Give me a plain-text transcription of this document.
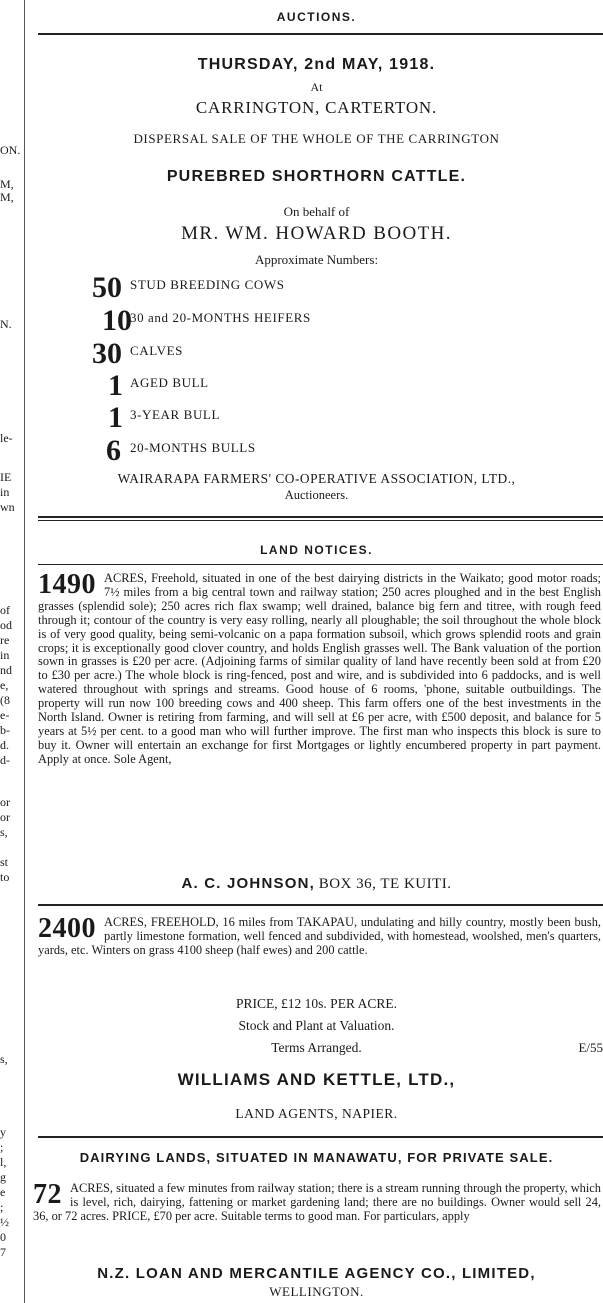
ON.
M,
M,
N.
le-
IE
in
wn
of
od
re
in
nd
e,
(8
e-
b-
d.
d-
or
or
s,
st
to
s,
y
;
l,
g
e
;
½
0
7
AUCTIONS.
THURSDAY, 2nd MAY, 1918.
At
CARRINGTON, CARTERTON.
DISPERSAL SALE OF THE WHOLE OF THE CARRINGTON
PUREBRED SHORTHORN CATTLE.
On behalf of
MR. WM. HOWARD BOOTH.
Approximate Numbers:
50 STUD BREEDING COWS
10
30 and 20-MONTHS HEIFERS
30 CALVES
1 AGED BULL
1 3-YEAR BULL
6 20-MONTHS BULLS
WAIRARAPA FARMERS' CO-OPERATIVE ASSOCIATION, LTD.,
Auctioneers.
LAND NOTICES.
1490 ACRES, Freehold, situated in one of the best dairying districts in the Waikato; good motor roads; 7½ miles from a big central town and railway station; 250 acres ploughed and in the best English grasses (splendid sole); 250 acres rich flax swamp; well drained, balance big fern and titree, with rough feed through it; contour of the country is very easy rolling, nearly all ploughable; the soil throughout the whole block is of very good quality, being semi-volcanic on a papa formation subsoil, which grows splendid roots and grain crops; it is exceptionally good clover country, and holds English grasses well. The Bank valuation of the portion sown in grasses is £20 per acre. (Adjoining farms of similar quality of land have recently been sold at from £20 to £30 per acre.) The whole block is ring-fenced, post and wire, and is subdivided into 6 paddocks, and is well watered throughout with springs and streams. Good house of 6 rooms, 'phone, suitable outbuildings. The property will run now 100 breeding cows and 400 sheep. This farm offers one of the best investments in the North Island. Owner is retiring from farming, and will sell at £6 per acre, with £500 deposit, and balance for 5 years at 5½ per cent. to a good man who will further improve. The first man who inspects this block is sure to buy it. Owner will entertain an exchange for first Mortgages or lightly encumbered property in part payment. Apply at once. Sole Agent,
A. C. JOHNSON, BOX 36, TE KUITI.
2400 ACRES, FREEHOLD, 16 miles from TAKAPAU, undulating and hilly country, mostly been bush, partly limestone formation, well fenced and subdivided, with homestead, woolshed, men's quarters, yards, etc. Winters on grass 4100 sheep (half ewes) and 200 cattle.
PRICE, £12 10s. PER ACRE.
Stock and Plant at Valuation.
Terms Arranged.	E/55
WILLIAMS AND KETTLE, LTD.,
LAND AGENTS, NAPIER.
DAIRYING LANDS, SITUATED IN MANAWATU, FOR PRIVATE SALE.
72 ACRES, situated a few minutes from railway station; there is a stream running through the property, which is level, rich, dairying, fattening or market gardening land; there are no buildings. Owner would sell 24, 36, or 72 acres. PRICE, £70 per acre. Suitable terms to good man. For particulars, apply
N.Z. LOAN AND MERCANTILE AGENCY CO., LIMITED,
WELLINGTON.
